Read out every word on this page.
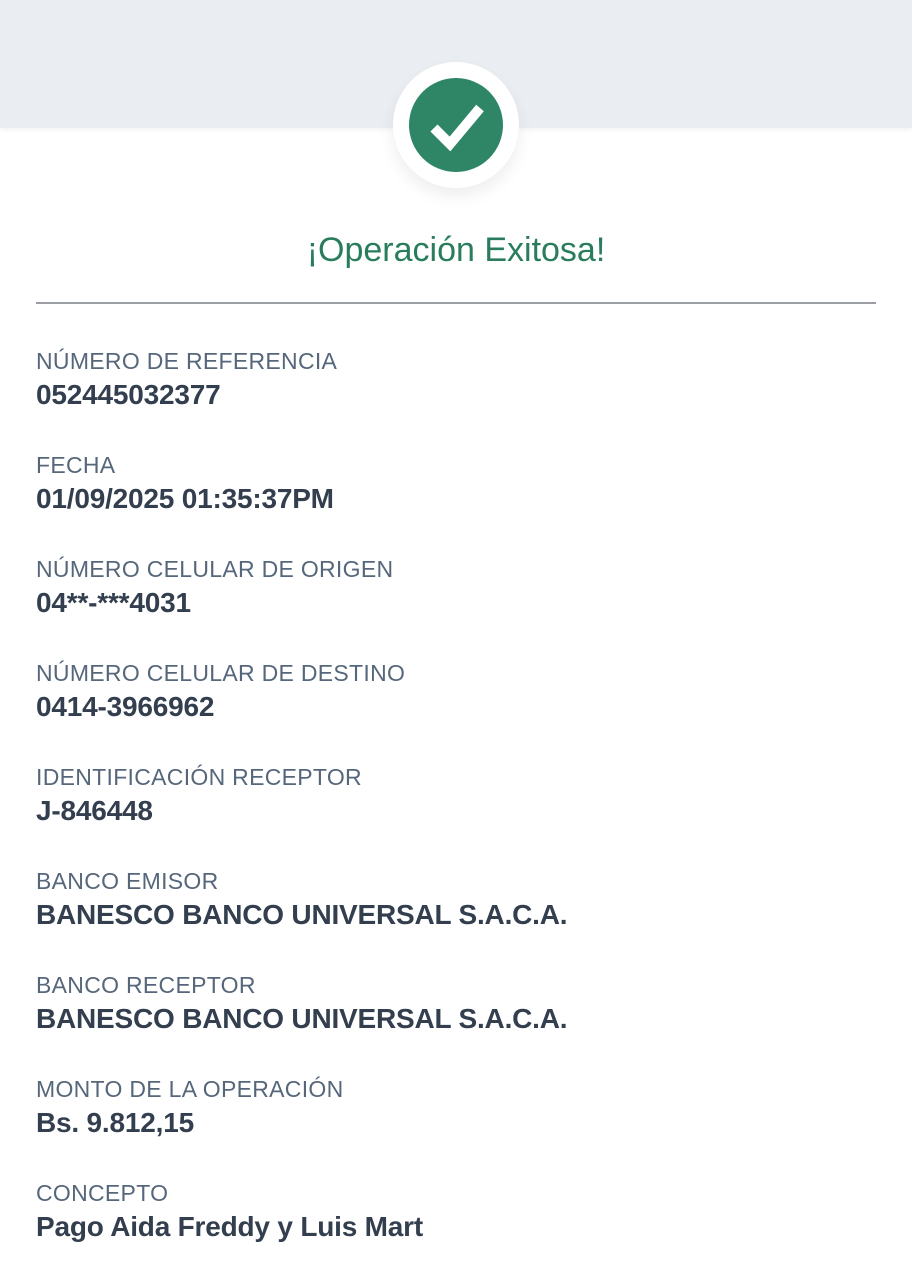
¡Operación Exitosa!
NÚMERO DE REFERENCIA
052445032377
FECHA
01/09/2025 01:35:37PM
NÚMERO CELULAR DE ORIGEN
04**-***4031
NÚMERO CELULAR DE DESTINO
0414-3966962
IDENTIFICACIÓN RECEPTOR
J-846448
BANCO EMISOR
BANESCO BANCO UNIVERSAL S.A.C.A.
BANCO RECEPTOR
BANESCO BANCO UNIVERSAL S.A.C.A.
MONTO DE LA OPERACIÓN
Bs. 9.812,15
CONCEPTO
Pago Aida Freddy y Luis Mart
